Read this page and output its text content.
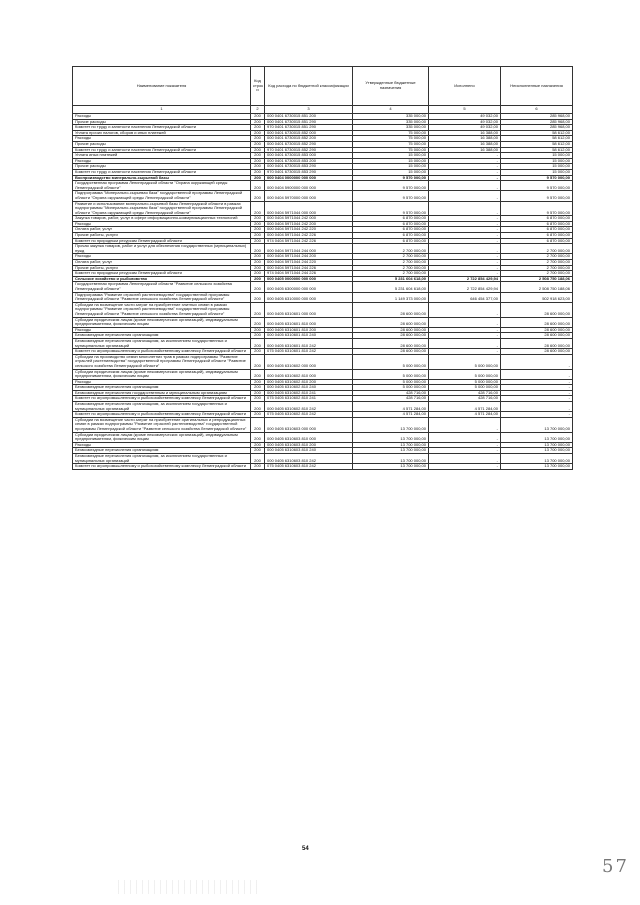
Наименование показателя	Код строк и	Код расхода по бюджетной классификации	Утвержденные бюджетные назначения	Исполнено	Неисполненные назначения
1	2	3	4	5	6
Расходы	200	000 0401 6730015 851 200	335 000,00	49 032,00	285 968,00
Прочие расходы	200	000 0401 6730015 851 290	335 000,00	49 032,00	285 968,00
Комитет по труду и занятости населения Ленинградской области	200	970 0401 6730015 851 290	335 000,00	49 032,00	285 968,00
Уплата прочих налогов, сборов и иных платежей	200	000 0401 6730015 852 000	75 000,00	16 388,00	58 612,00
Расходы	200	000 0401 6730015 852 200	75 000,00	16 388,00	58 612,00
Прочие расходы	200	000 0401 6730015 852 290	75 000,00	16 388,00	58 612,00
Комитет по труду и занятости населения Ленинградской области	200	970 0401 6730015 852 290	75 000,00	16 388,00	58 612,00
Уплата иных платежей	200	000 0401 6730015 853 000	15 000,00	-	15 000,00
Расходы	200	000 0401 6730015 853 200	15 000,00	-	15 000,00
Прочие расходы	200	000 0401 6730015 853 290	15 000,00	-	15 000,00
Комитет по труду и занятости населения Ленинградской области	200	970 0401 6730015 853 290	15 000,00	-	15 000,00
Воспроизводство минерально-сырьевой базы	200	000 0404 0000000 000 000	9 570 000,00	-	9 570 000,00
Государственная программа Ленинградской области "Охрана окружающей среды Ленинградской области"	200	000 0404 5900000 000 000	9 570 000,00	-	9 570 000,00
Подпрограмма "Минерально-сырьевая база" государственной программы Ленинградской области "Охрана окружающей среды Ленинградской области"	200	000 0404 5970000 000 000	9 570 000,00	-	9 570 000,00
Развитие и использование минерально-сырьевой базы Ленинградской области в рамках подпрограммы "Минерально-сырьевая база" государственной программы Ленинградской области "Охрана окружающей среды Ленинградской области"	200	000 0404 5971044 000 000	9 570 000,00	-	9 570 000,00
Закупка товаров, работ, услуг в сфере информационно-коммуникационных технологий	200	000 0404 5971044 242 000	6 870 000,00	-	6 870 000,00
Расходы	200	000 0404 5971044 242 200	6 870 000,00	-	6 870 000,00
Оплата работ, услуг	200	000 0404 5971044 242 220	6 870 000,00	-	6 870 000,00
Прочие работы, услуги	200	000 0404 5971044 242 226	6 870 000,00	-	6 870 000,00
Комитет по природным ресурсам Ленинградской области	200	974 0404 5971044 242 226	6 870 000,00	-	6 870 000,00
Прочая закупка товаров, работ и услуг для обеспечения государственных (муниципальных) нужд	200	000 0404 5971044 244 000	2 700 000,00	-	2 700 000,00
Расходы	200	000 0404 5971044 244 200	2 700 000,00	-	2 700 000,00
Оплата работ, услуг	200	000 0404 5971044 244 220	2 700 000,00	-	2 700 000,00
Прочие работы, услуги	200	000 0404 5971044 244 226	2 700 000,00	-	2 700 000,00
Комитет по природным ресурсам Ленинградской области	200	974 0404 5971044 244 226	2 700 000,00	-	2 700 000,00
Сельское хозяйство и рыболовство	200	000 0405 0000000 000 000	5 231 604 618,00	2 722 854 429,94	2 508 750 188,06
Государственная программа Ленинградской области "Развитие сельского хозяйства Ленинградской области"	200	000 0405 6300000 000 000	5 231 604 618,00	2 722 854 429,94	2 508 750 188,06
Подпрограмма "Развитие отраслей растениеводства" государственной программы Ленинградской области "Развитие сельского хозяйства Ленинградской области"	200	000 0405 6310000 000 000	1 149 373 000,00	646 454 377,00	502 918 623,00
Субсидии на возмещение части затрат на приобретение элитных семян в рамках подпрограммы "Развитие отраслей растениеводства" государственной программы Ленинградской области "Развитие сельского хозяйства Ленинградской области"	200	000 0405 6310601 000 000	28 600 000,00	-	28 600 000,00
Субсидии юридическим лицам (кроме некоммерческих организаций), индивидуальным предпринимателям, физическим лицам	200	000 0405 6310601 810 000	28 600 000,00	-	28 600 000,00
Расходы	200	000 0405 6310601 810 200	28 600 000,00	-	28 600 000,00
Безвозмездные перечисления организациям	200	000 0405 6310601 810 240	28 600 000,00	-	28 600 000,00
Безвозмездные перечисления организациям, за исключением государственных и муниципальных организаций	200	000 0405 6310601 810 242	28 600 000,00	-	28 600 000,00
Комитет по агропромышленному и рыбохозяйственному комплексу Ленинградской области	200	075 0405 6310601 810 242	28 600 000,00	-	28 600 000,00
Субсидии на производство семян многолетних трав в рамках подпрограммы "Развитие отраслей растениеводства" государственной программы Ленинградской области "Развитие сельского хозяйства Ленинградской области"	200	000 0405 6310602 000 000	5 000 000,00	5 000 000,00	-
Субсидии юридическим лицам (кроме некоммерческих организаций), индивидуальным предпринимателям, физическим лицам	200	000 0405 6310602 810 000	5 000 000,00	5 000 000,00	-
Расходы	200	000 0405 6310602 810 200	5 000 000,00	5 000 000,00	-
Безвозмездные перечисления организациям	200	000 0405 6310602 810 240	5 000 000,00	5 000 000,00	-
Безвозмездные перечисления государственным и муниципальным организациям	200	000 0405 6310602 810 241	428 716,00	428 716,00	-
Комитет по агропромышленному и рыбохозяйственному комплексу Ленинградской области	200	075 0405 6310602 810 241	428 716,00	428 716,00	-
Безвозмездные перечисления организациям, за исключением государственных и муниципальных организаций	200	000 0405 6310602 810 242	4 571 284,00	4 571 284,00	-
Комитет по агропромышленному и рыбохозяйственному комплексу Ленинградской области	200	075 0405 6310602 810 242	4 571 284,00	4 571 284,00	-
Субсидии на возмещение части затрат на приобретение оригинальных и репродукционных семян в рамках подпрограммы "Развитие отраслей растениеводства" государственной программы Ленинградской области "Развитие сельского хозяйства Ленинградской области"	200	000 0405 6310603 000 000	13 700 000,00	-	13 700 000,00
Субсидии юридическим лицам (кроме некоммерческих организаций), индивидуальным предпринимателям, физическим лицам	200	000 0405 6310603 810 000	13 700 000,00	-	13 700 000,00
Расходы	200	000 0405 6310603 810 200	13 700 000,00	-	13 700 000,00
Безвозмездные перечисления организациям	200	000 0405 6310603 810 240	13 700 000,00	-	13 700 000,00
Безвозмездные перечисления организациям, за исключением государственных и муниципальных организаций	200	000 0405 6310603 810 242	13 700 000,00	-	13 700 000,00
Комитет по агропромышленному и рыбохозяйственному комплексу Ленинградской области	200	075 0405 6310603 810 242	13 700 000,00	-	13 700 000,00
54
57
